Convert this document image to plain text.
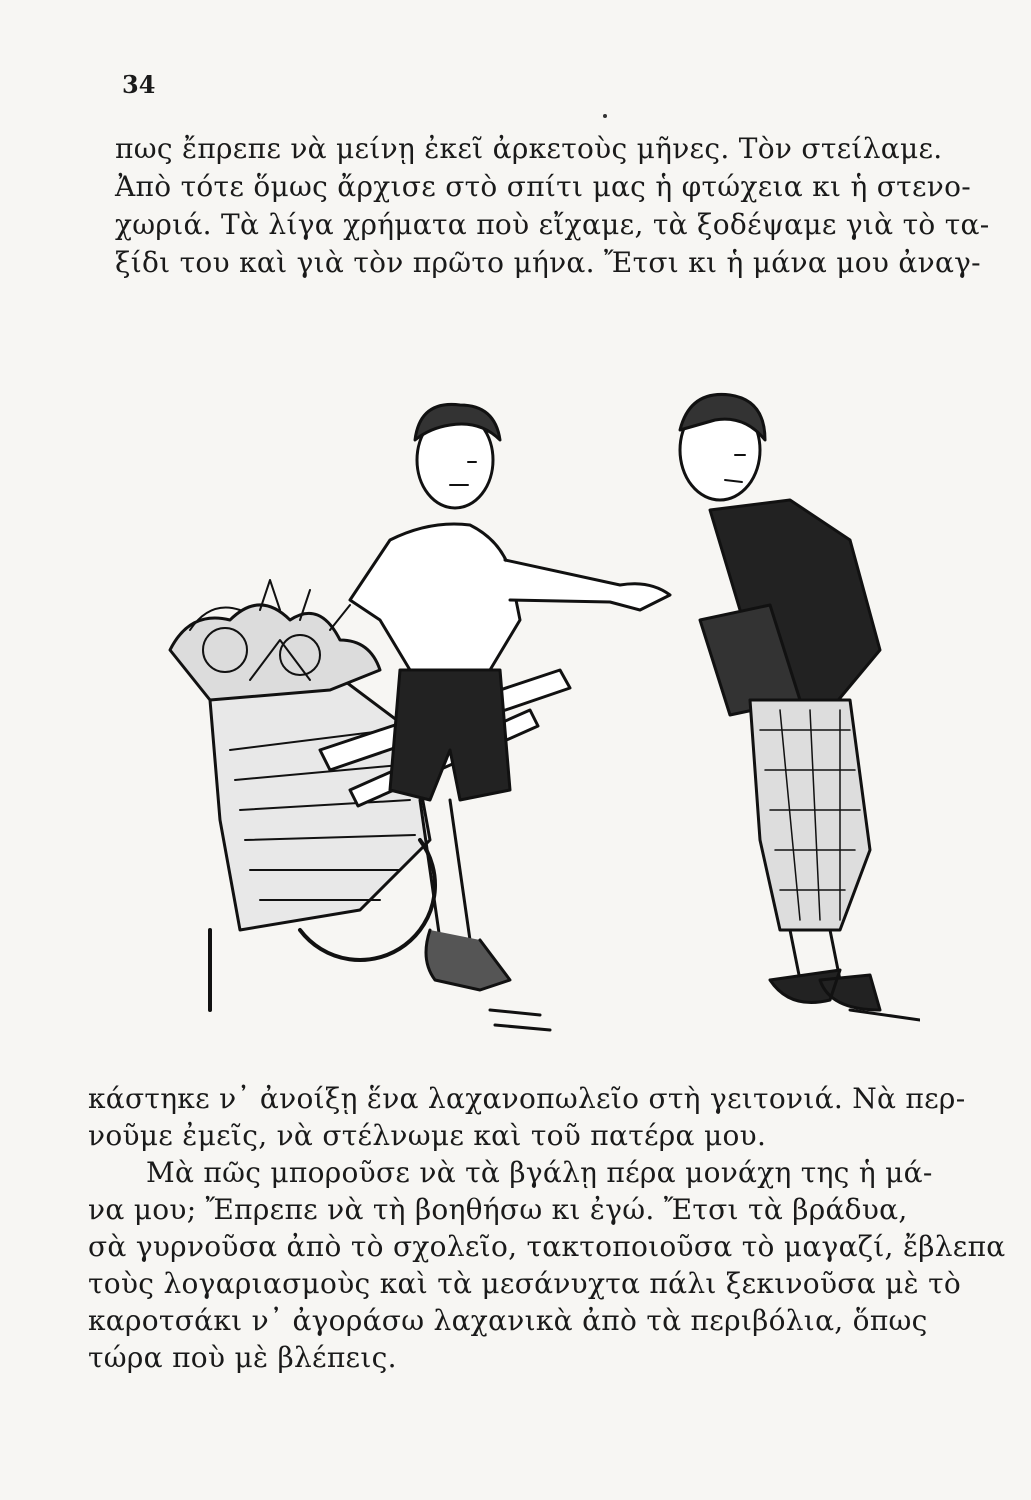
34
πως ἔπρεπε νὰ μείνῃ ἐκεῖ ἀρκετοὺς μῆνες. Τὸν στείλαμε.
Ἀπὸ τότε ὅμως ἄρχισε στὸ σπίτι μας ἡ φτώχεια κι ἡ στενο-
χωριά. Τὰ λίγα χρήματα ποὺ εἴχαμε, τὰ ξοδέψαμε γιὰ τὸ τα-
ξίδι του καὶ γιὰ τὸν πρῶτο μήνα. Ἔτσι κι ἡ μάνα μου ἀναγ-
κάστηκε ν᾿ ἀνοίξῃ ἕνα λαχανοπωλεῖο στὴ γειτονιά. Νὰ περ-
νοῦμε ἐμεῖς, νὰ στέλνωμε καὶ τοῦ πατέρα μου.
Μὰ πῶς μποροῦσε νὰ τὰ βγάλῃ πέρα μονάχη της ἡ μά-
να μου; Ἔπρεπε νὰ τὴ βοηθήσω κι ἐγώ. Ἔτσι τὰ βράδυα,
σὰ γυρνοῦσα ἀπὸ τὸ σχολεῖο, τακτοποιοῦσα τὸ μαγαζί, ἔβλεπα
τοὺς λογαριασμοὺς καὶ τὰ μεσάνυχτα πάλι ξεκινοῦσα μὲ τὸ
καροτσάκι ν᾿ ἀγοράσω λαχανικὰ ἀπὸ τὰ περιβόλια, ὅπως
τώρα ποὺ μὲ βλέπεις.
